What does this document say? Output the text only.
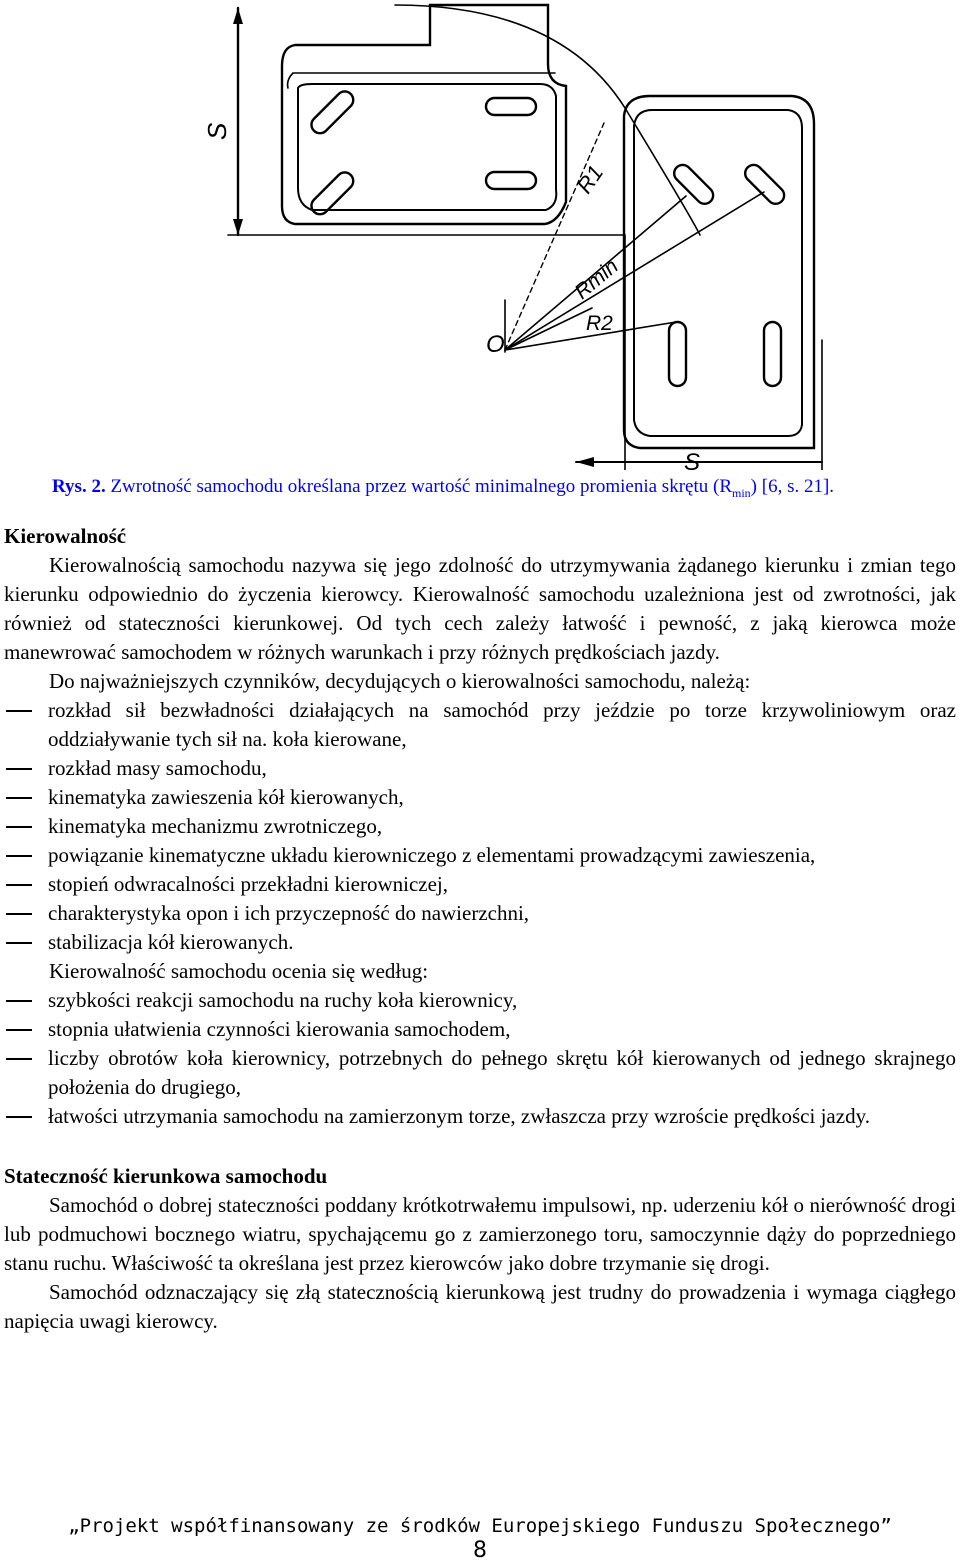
S
R1
Rmin
R2
O
S
Rys. 2. Zwrotność samochodu określana przez wartość minimalnego promienia skrętu $(R_{min})$ [6, s. 21].

Kierowalność

Kierowalnością samochodu nazywa się jego zdolność do utrzymywania żądanego kierunku i zmian tego kierunku odpowiednio do życzenia kierowcy. Kierowalność samochodu uzależniona jest od zwrotności, jak również od stateczności kierunkowej. Od tych cech zależy łatwość i pewność, z jaką kierowca może manewrować samochodem w różnych warunkach i przy różnych prędkościach jazdy.

Do najważniejszych czynników, decydujących o kierowalności samochodu, należą:

rozkład sił bezwładności działających na samochód przy jeździe po torze krzywoliniowym oraz oddziaływanie tych sił na. koła kierowane,
rozkład masy samochodu,
kinematyka zawieszenia kół kierowanych,
kinematyka mechanizmu zwrotniczego,
powiązanie kinematyczne układu kierowniczego z elementami prowadzącymi zawieszenia,
stopień odwracalności przekładni kierowniczej,
charakterystyka opon i ich przyczepność do nawierzchni,
stabilizacja kół kierowanych.

Kierowalność samochodu ocenia się według:

szybkości reakcji samochodu na ruchy koła kierownicy,
stopnia ułatwienia czynności kierowania samochodem,
liczby obrotów koła kierownicy, potrzebnych do pełnego skrętu kół kierowanych od jednego skrajnego położenia do drugiego,
łatwości utrzymania samochodu na zamierzonym torze, zwłaszcza przy wzroście prędkości jazdy.

Stateczność kierunkowa samochodu

Samochód o dobrej stateczności poddany krótkotrwałemu impulsowi, np. uderzeniu kół o nierówność drogi lub podmuchowi bocznego wiatru, spychającemu go z zamierzonego toru, samoczynnie dąży do poprzedniego stanu ruchu. Właściwość ta określana jest przez kierowców jako dobre trzymanie się drogi.

Samochód odznaczający się złą statecznością kierunkową jest trudny do prowadzenia i wymaga ciągłego napięcia uwagi kierowcy.

„Projekt współfinansowany ze środków Europejskiego Funduszu Społecznego”
8
